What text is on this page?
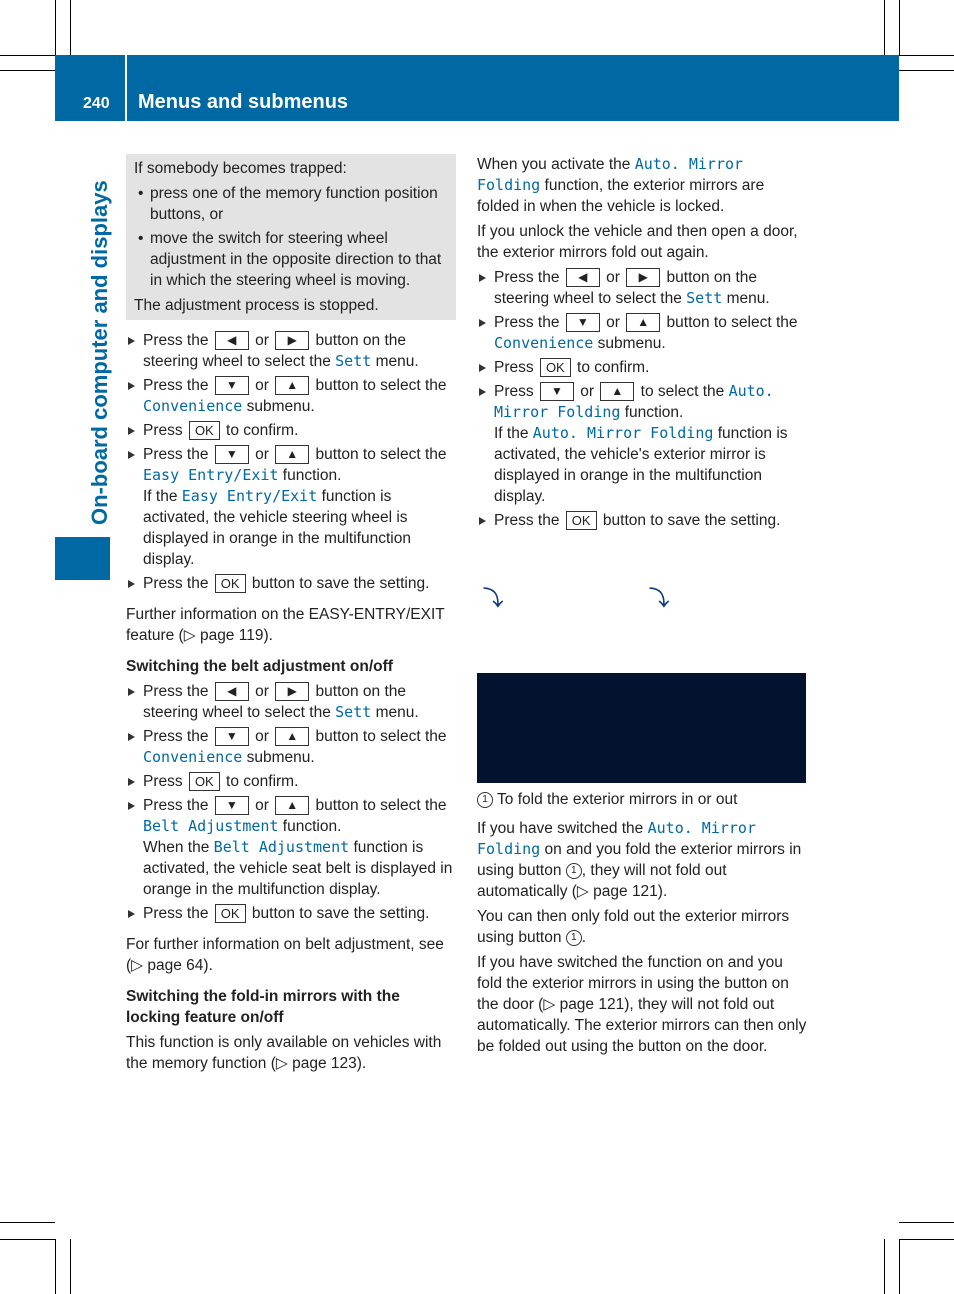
240 Menus and submenus
On-board computer and displays

If somebody becomes trapped:

• press one of the memory function position buttons, or
• move the switch for steering wheel adjustment in the opposite direction to that in which the steering wheel is moving.

The adjustment process is stopped.

Press the ◀ or ▶ button on the steering wheel to select the Sett menu.
Press the ▼ or ▲ button to select the Convenience submenu.
Press OK to confirm.
Press the ▼ or ▲ button to select the Easy Entry/Exit function.
If the Easy Entry/Exit function is activated, the vehicle steering wheel is displayed in orange in the multifunction display.
Press the OK button to save the setting.

Further information on the EASY-ENTRY/EXIT feature (▷ page 119).

Switching the belt adjustment on/off
Press the ◀ or ▶ button on the steering wheel to select the Sett menu.
Press the ▼ or ▲ button to select the Convenience submenu.
Press OK to confirm.
Press the ▼ or ▲ button to select the Belt Adjustment function.
When the Belt Adjustment function is activated, the vehicle seat belt is displayed in orange in the multifunction display.
Press the OK button to save the setting.

For further information on belt adjustment, see (▷ page 64).

Switching the fold-in mirrors with the locking feature on/off

This function is only available on vehicles with the memory function (▷ page 123).

When you activate the Auto. Mirror Folding function, the exterior mirrors are folded in when the vehicle is locked.

If you unlock the vehicle and then open a door, the exterior mirrors fold out again.

Press the ◀ or ▶ button on the steering wheel to select the Sett menu.
Press the ▼ or ▲ button to select the Convenience submenu.
Press OK to confirm.
Press ▼ or ▲ to select the Auto. Mirror Folding function.
If the Auto. Mirror Folding function is activated, the vehicle's exterior mirror is displayed in orange in the multifunction display.
Press the OK button to save the setting.
⤵	⤵

1 To fold the exterior mirrors in or out

If you have switched the Auto. Mirror Folding on and you fold the exterior mirrors in using button 1 , they will not fold out automatically (▷ page 121).

You can then only fold out the exterior mirrors using button 1 .

If you have switched the function on and you fold the exterior mirrors in using the button on the door (▷ page 121), they will not fold out automatically. The exterior mirrors can then only be folded out using the button on the door.
